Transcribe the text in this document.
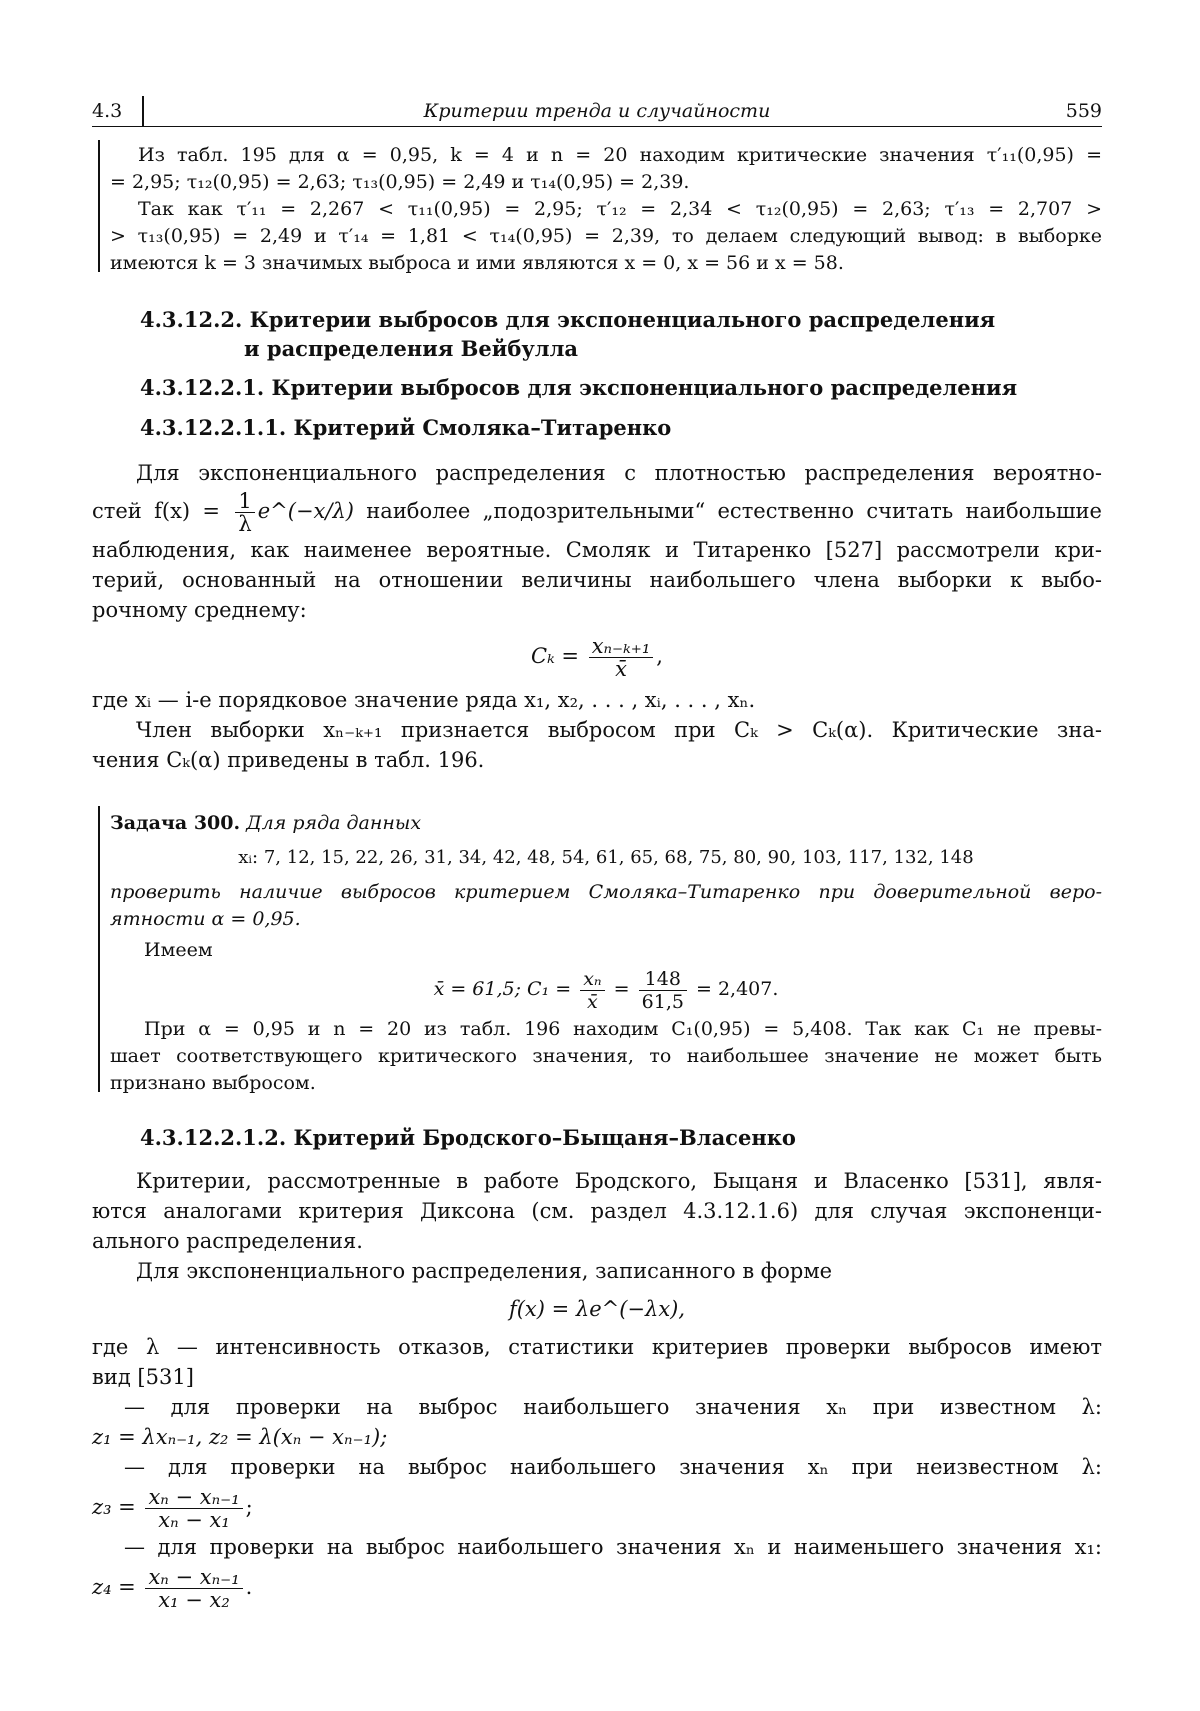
4.3	Критерии тренда и случайности	559
Из табл. 195 для α = 0,95, k = 4 и n = 20 находим критические значения τ′₁₁(0,95) =
= 2,95; τ₁₂(0,95) = 2,63; τ₁₃(0,95) = 2,49 и τ₁₄(0,95) = 2,39.
Так как τ′₁₁ = 2,267 < τ₁₁(0,95) = 2,95; τ′₁₂ = 2,34 < τ₁₂(0,95) = 2,63; τ′₁₃ = 2,707 >
> τ₁₃(0,95) = 2,49 и τ′₁₄ = 1,81 < τ₁₄(0,95) = 2,39, то делаем следующий вывод: в выборке
имеются k = 3 значимых выброса и ими являются x = 0, x = 56 и x = 58.
4.3.12.2. Критерии выбросов для экспоненциального распределения
и распределения Вейбулла
4.3.12.2.1. Критерии выбросов для экспоненциального распределения
4.3.12.2.1.1. Критерий Смоляка–Титаренко
Для экспоненциального распределения с плотностью распределения вероятно-
стей $f(x) = \frac{1}{\lambda}$ e^(−x/λ) наиболее „подозрительными“ естественно считать наибольшие
наблюдения, как наименее вероятные. Смоляк и Титаренко [527] рассмотрели кри-
терий, основанный на отношении величины наибольшего члена выборки к выбо-
рочному среднему:
$C_k = \frac{\text{xₙ₋ₖ₊₁}}{x̄}$ ,
где xᵢ — i-е порядковое значение ряда x₁, x₂, . . . , xᵢ, . . . , xₙ.
Член выборки xₙ₋ₖ₊₁ признается выбросом при Cₖ > Cₖ(α). Критические зна-
чения Cₖ(α) приведены в табл. 196.
Задача 300. Для ряда данных
xᵢ: 7, 12, 15, 22, 26, 31, 34, 42, 48, 54, 61, 65, 68, 75, 80, 90, 103, 117, 132, 148
проверить наличие выбросов критерием Смоляка–Титаренко при доверительной веро-
ятности α = 0,95.
Имеем
x̄ = 61,5; $C_1 = \frac{\text{xₙ}}{x̄} = \frac{148}{61,5} = 2,407$.
При α = 0,95 и n = 20 из табл. 196 находим C₁(0,95) = 5,408. Так как C₁ не превы-
шает соответствующего критического значения, то наибольшее значение не может быть
признано выбросом.
4.3.12.2.1.2. Критерий Бродского–Быщаня–Власенко
Критерии, рассмотренные в работе Бродского, Быцаня и Власенко [531], явля-
ются аналогами критерия Диксона (см. раздел 4.3.12.1.6) для случая экспоненци-
ального распределения.
Для экспоненциального распределения, записанного в форме
f(x) = λe^(−λx),
где λ — интенсивность отказов, статистики критериев проверки выбросов имеют
вид [531]
— для проверки на выброс наибольшего значения xₙ при известном λ:
z₁ = λxₙ₋₁, z₂ = λ(xₙ − xₙ₋₁);
— для проверки на выброс наибольшего значения xₙ при неизвестном λ:
$z_3 = \frac{\text{xₙ − xₙ₋₁}}{\text{xₙ − x₁}}$ ;
— для проверки на выброс наибольшего значения xₙ и наименьшего значения x₁:
$z_4 = \frac{\text{xₙ − xₙ₋₁}}{\text{x₁ − x₂}}$ .
